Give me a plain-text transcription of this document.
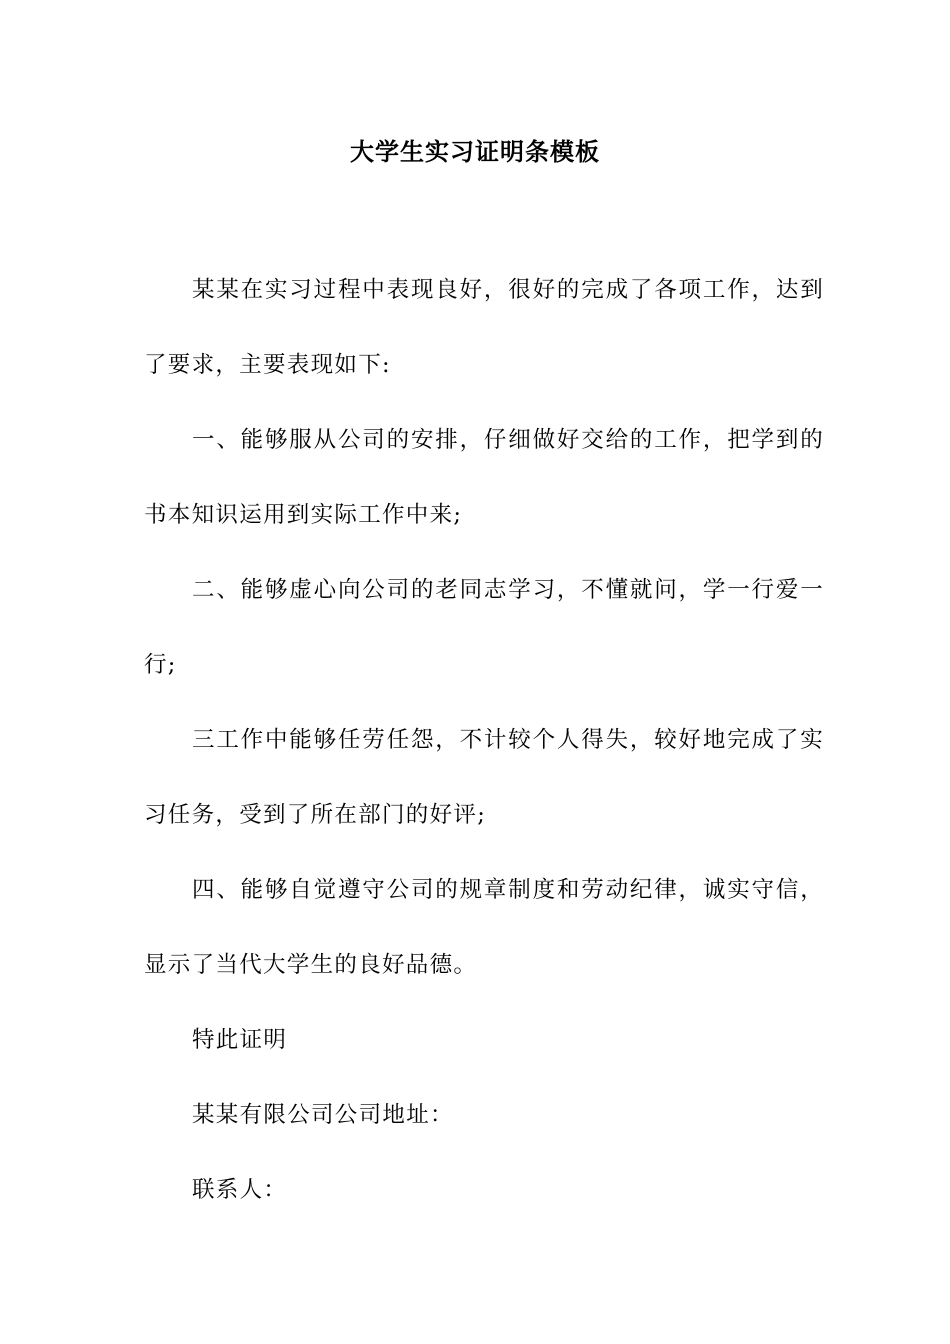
大学生实习证明条模板

某某在实习过程中表现良好，很好的完成了各项工作，达到了要求，主要表现如下:

一、能够服从公司的安排，仔细做好交给的工作，把学到的书本知识运用到实际工作中来;

二、能够虚心向公司的老同志学习，不懂就问，学一行爱一行;

三工作中能够任劳任怨，不计较个人得失，较好地完成了实习任务，受到了所在部门的好评;

四、能够自觉遵守公司的规章制度和劳动纪律，诚实守信，显示了当代大学生的良好品德。

特此证明

某某有限公司公司地址：

联系人：
